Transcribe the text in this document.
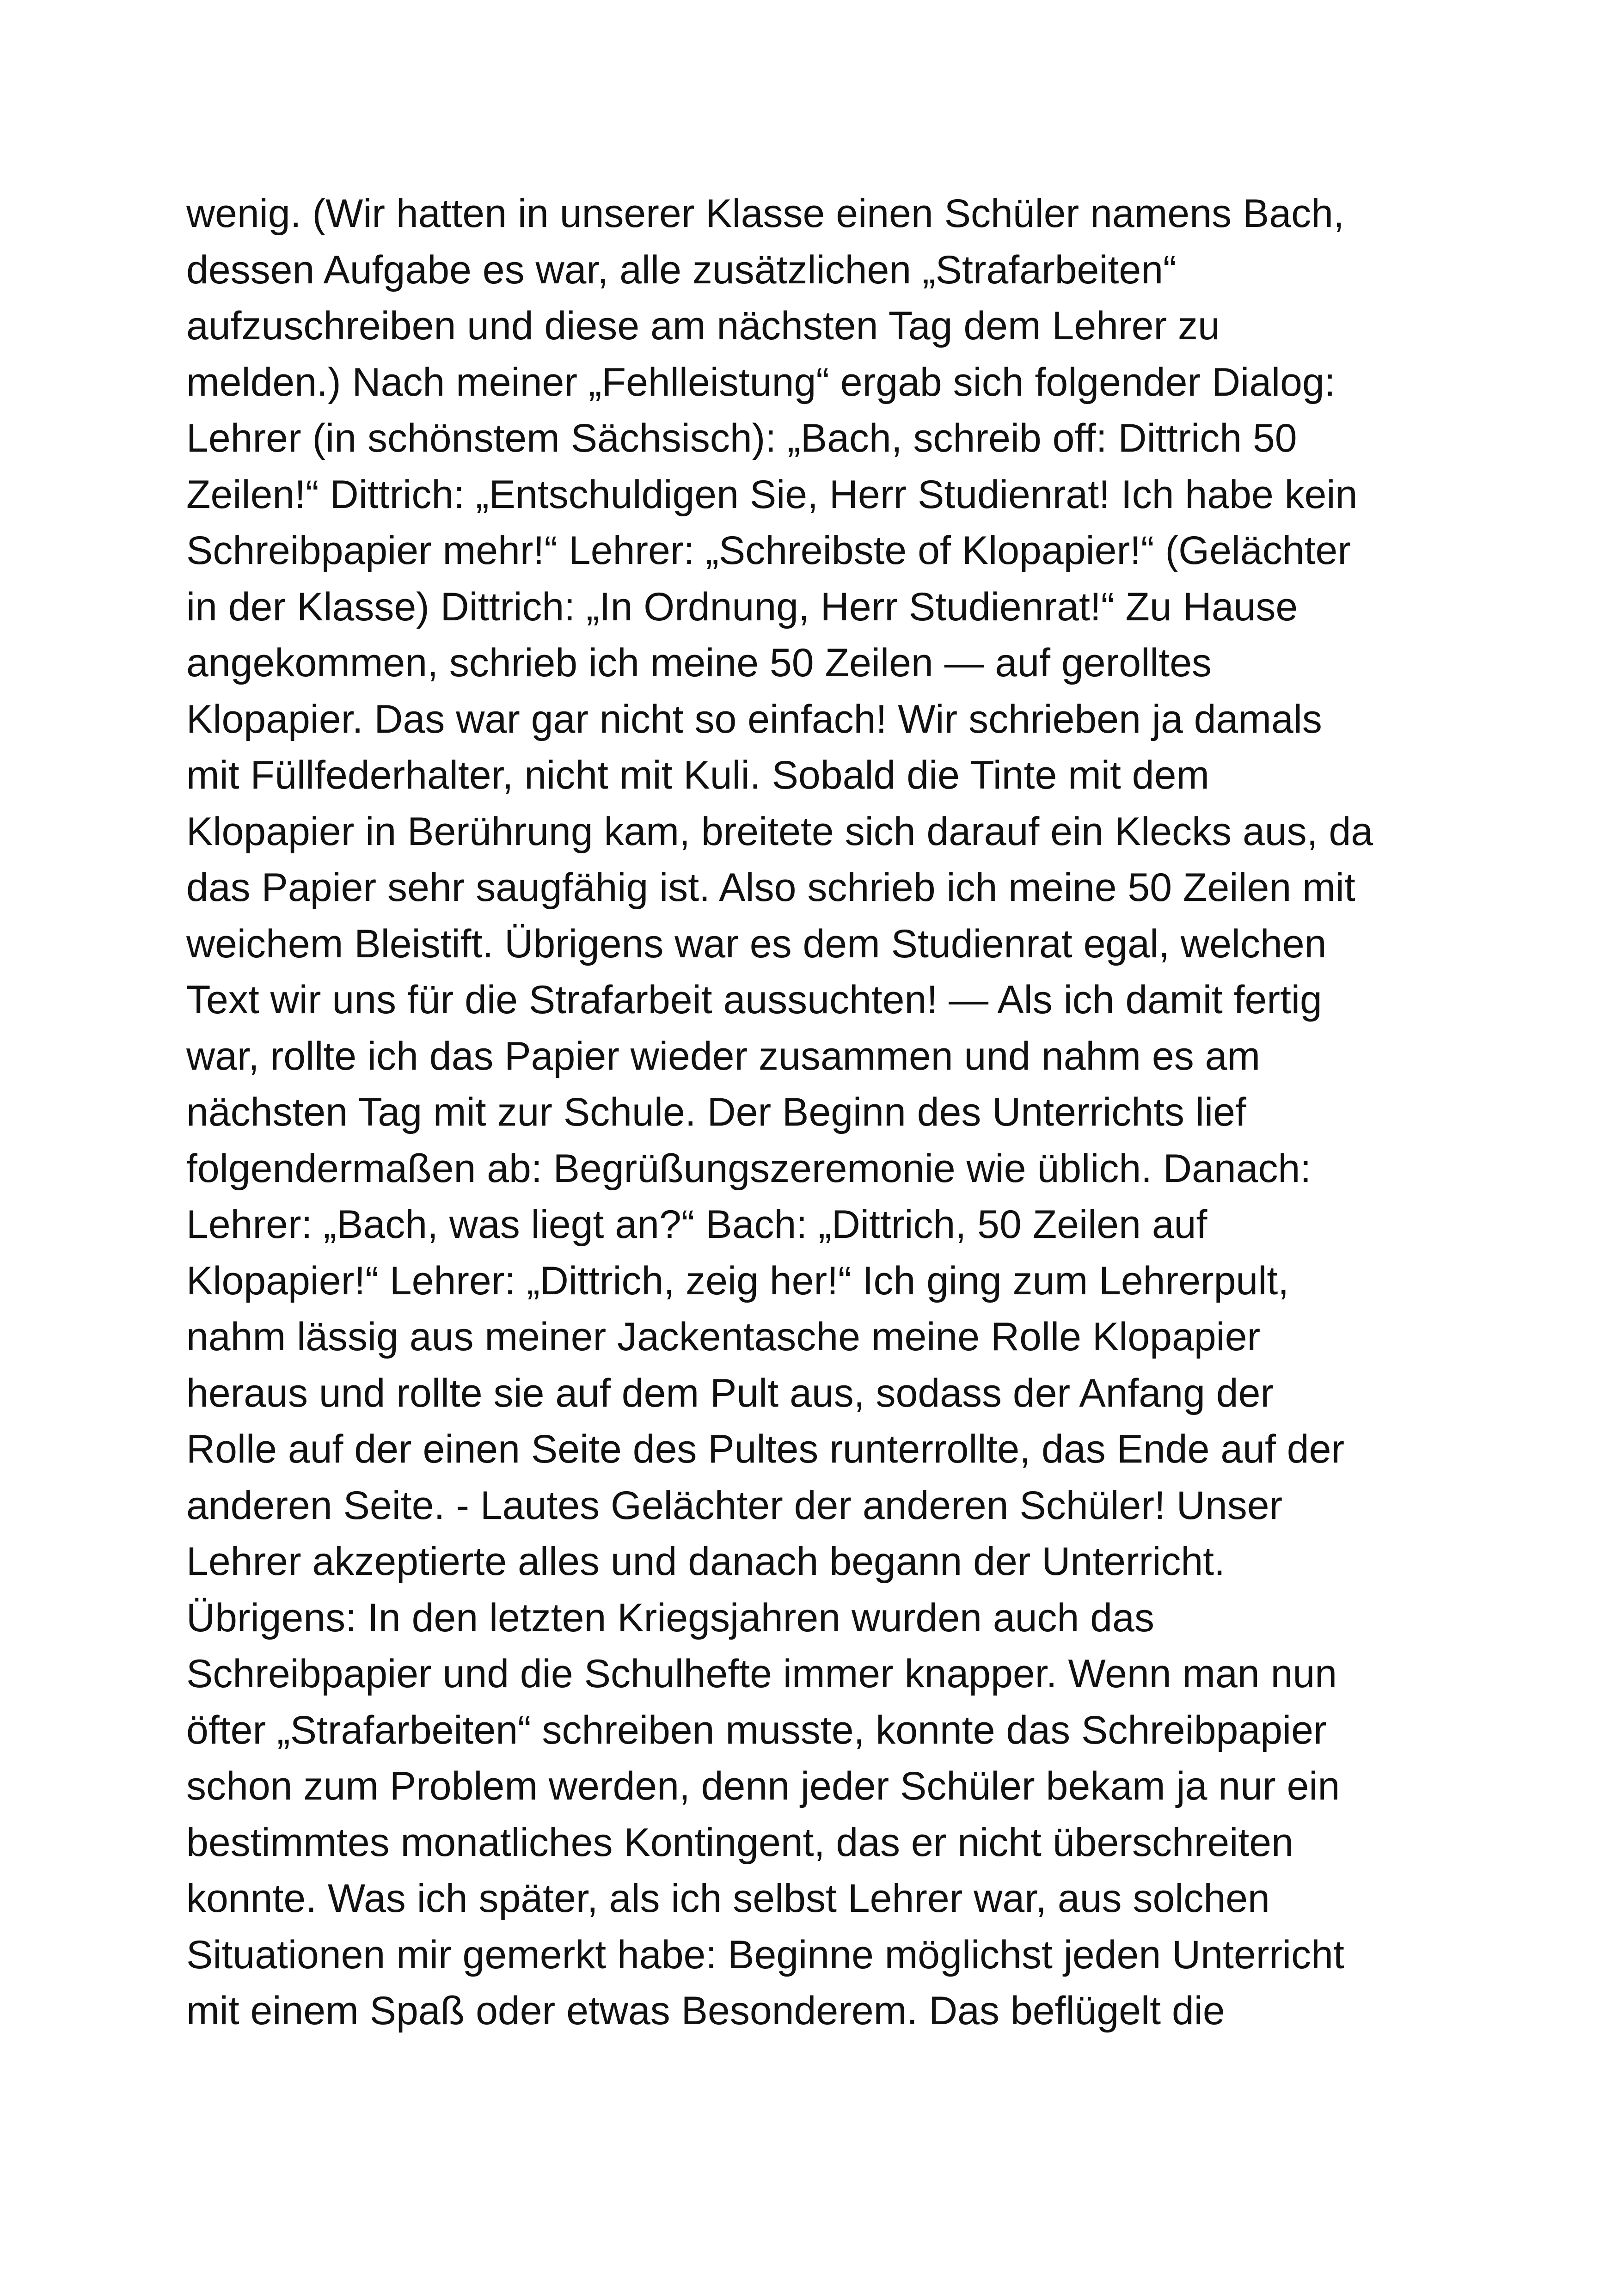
wenig. (Wir hatten in unserer Klasse einen Schüler namens Bach,
dessen Aufgabe es war, alle zusätzlichen „Strafarbeiten“
aufzuschreiben und diese am nächsten Tag dem Lehrer zu
melden.) Nach meiner „Fehlleistung“ ergab sich folgender Dialog:
Lehrer (in schönstem Sächsisch): „Bach, schreib off: Dittrich 50
Zeilen!“ Dittrich: „Entschuldigen Sie, Herr Studienrat! Ich habe kein
Schreibpapier mehr!“ Lehrer: „Schreibste of Klopapier!“ (Gelächter
in der Klasse) Dittrich: „In Ordnung, Herr Studienrat!“ Zu Hause
angekommen, schrieb ich meine 50 Zeilen — auf gerolltes
Klopapier. Das war gar nicht so einfach! Wir schrieben ja damals
mit Füllfederhalter, nicht mit Kuli. Sobald die Tinte mit dem
Klopapier in Berührung kam, breitete sich darauf ein Klecks aus, da
das Papier sehr saugfähig ist. Also schrieb ich meine 50 Zeilen mit
weichem Bleistift. Übrigens war es dem Studienrat egal, welchen
Text wir uns für die Strafarbeit aussuchten! — Als ich damit fertig
war, rollte ich das Papier wieder zusammen und nahm es am
nächsten Tag mit zur Schule. Der Beginn des Unterrichts lief
folgendermaßen ab: Begrüßungszeremonie wie üblich. Danach:
Lehrer: „Bach, was liegt an?“ Bach: „Dittrich, 50 Zeilen auf
Klopapier!“ Lehrer: „Dittrich, zeig her!“ Ich ging zum Lehrerpult,
nahm lässig aus meiner Jackentasche meine Rolle Klopapier
heraus und rollte sie auf dem Pult aus, sodass der Anfang der
Rolle auf der einen Seite des Pultes runterrollte, das Ende auf der
anderen Seite. - Lautes Gelächter der anderen Schüler! Unser
Lehrer akzeptierte alles und danach begann der Unterricht.
Übrigens: In den letzten Kriegsjahren wurden auch das
Schreibpapier und die Schulhefte immer knapper. Wenn man nun
öfter „Strafarbeiten“ schreiben musste, konnte das Schreibpapier
schon zum Problem werden, denn jeder Schüler bekam ja nur ein
bestimmtes monatliches Kontingent, das er nicht überschreiten
konnte. Was ich später, als ich selbst Lehrer war, aus solchen
Situationen mir gemerkt habe: Beginne möglichst jeden Unterricht
mit einem Spaß oder etwas Besonderem. Das beflügelt die
